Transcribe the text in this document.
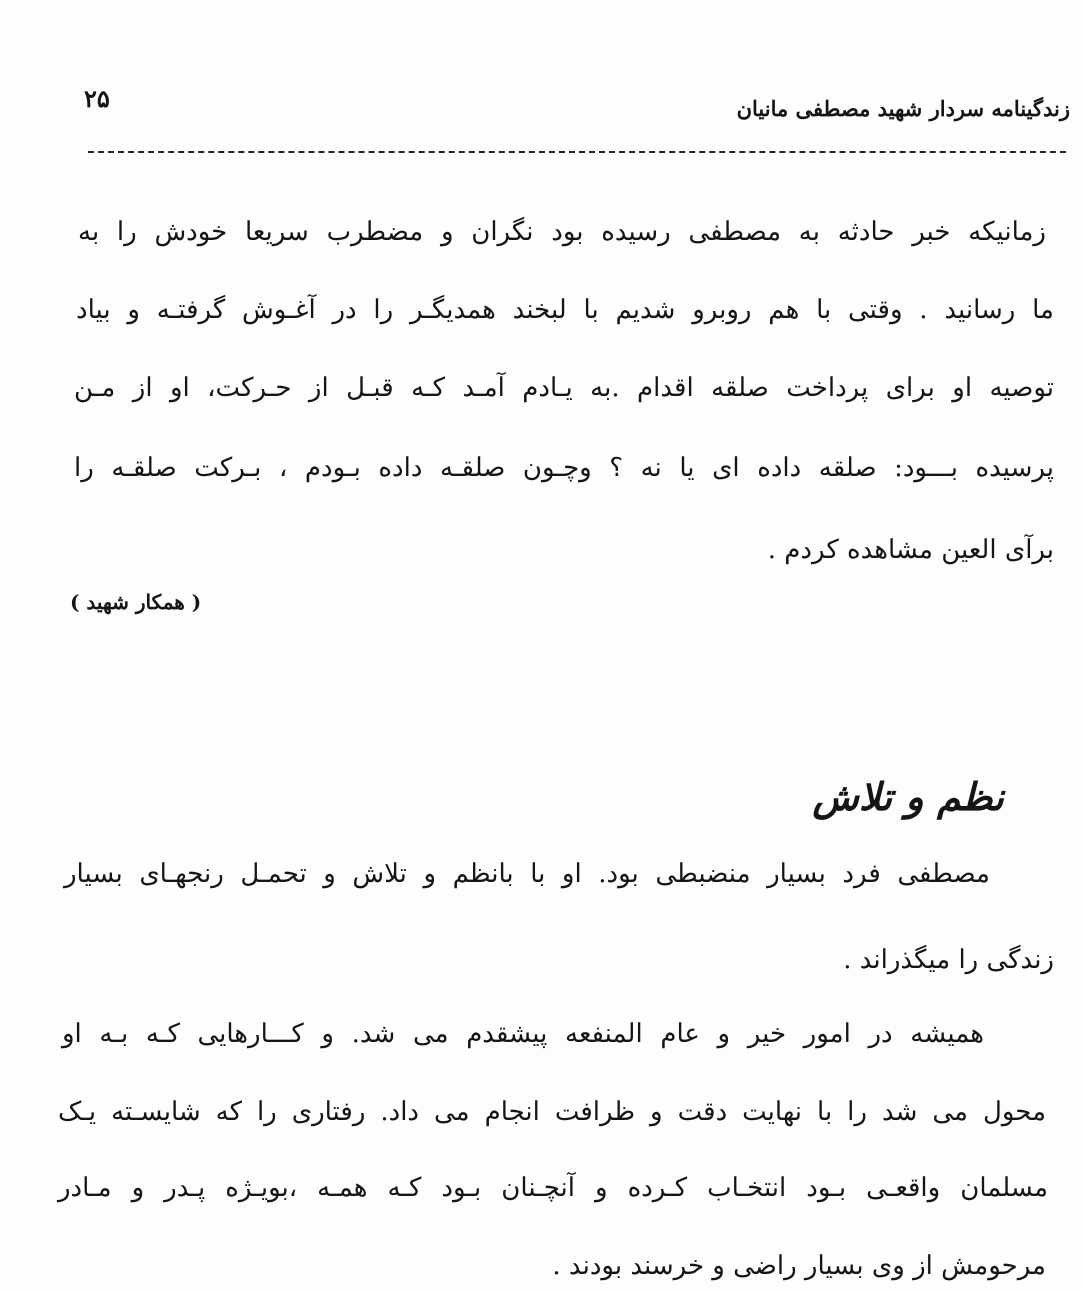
۲۵	زندگینامه سردار شهید مصطفی مانیان
زمانیکه خبر حادثه به مصطفی رسیده بود نگران و مضطرب سریعا خودش را به
ما رسانید . وقتی با هم روبرو شدیم با لبخند همدیگـر را در آغـوش گرفتـه و بیاد
توصیه او برای پرداخت صلقه اقدام .به یـادم آمـد کـه قبـل از حـرکت، او از مـن
پرسیده بـــود: صلقه داده ای یا نه ؟ وچـون صلقـه داده بـودم ، بـرکت صلقـه را
برآی العین مشاهده کردم .
( همکار شهید )
نظم و تلاش
مصطفی فرد بسیار منضبطی بود. او با بانظم و تلاش و تحمـل رنجهـای بسیار
زندگی را میگذراند .
همیشه در امور خیر و عام المنفعه پیشقدم می شد. و کـــارهایی کـه بـه او
محول می شد را با نهایت دقت و ظرافت انجام می داد. رفتاری را که شایسـته یـک
مسلمان واقعـی بـود انتخـاب کـرده و آنچـنان بـود کـه همـه ،بویـژه پـدر و مـادر
مرحومش از وی بسیار راضی و خرسند بودند .
